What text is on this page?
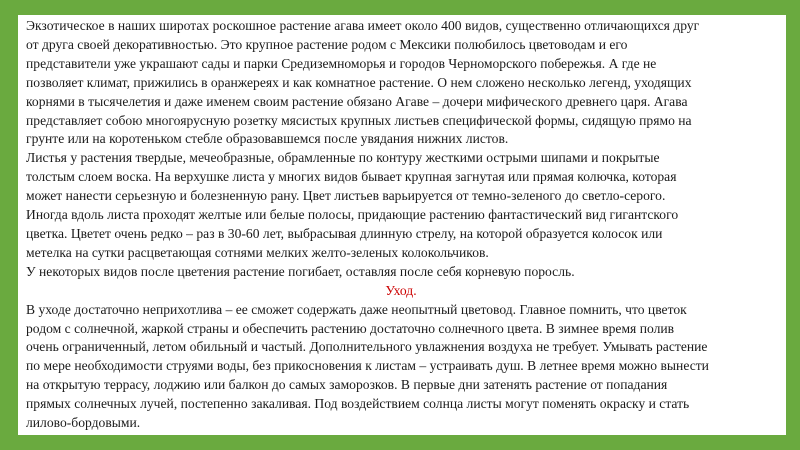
Экзотическое в наших широтах роскошное растение агава имеет около 400 видов, существенно отличающихся друг
от друга своей декоративностью. Это крупное растение родом с Мексики полюбилось цветоводам и его
представители уже украшают сады и парки Средиземноморья и городов Черноморского побережья. А где не
позволяет климат, прижились в оранжереях и как комнатное растение. О нем сложено несколько легенд, уходящих
корнями в тысячелетия и даже именем своим растение обязано Агаве – дочери мифического древнего царя. Агава
представляет собою многоярусную розетку мясистых крупных листьев специфической формы, сидящую прямо на
грунте или на коротеньком стебле образовавшемся после увядания нижних листов.
Листья у растения твердые, мечеобразные, обрамленные по контуру жесткими острыми шипами и покрытые
толстым слоем воска. На верхушке листа у многих видов бывает крупная загнутая или прямая колючка, которая
может нанести серьезную и болезненную рану. Цвет листьев варьируется от темно-зеленого до светло-серого.
Иногда вдоль листа проходят желтые или белые полосы, придающие растению фантастический вид гигантского
цветка. Цветет очень редко – раз в 30-60 лет, выбрасывая длинную стрелу, на которой образуется колосок или
метелка на сутки расцветающая сотнями мелких желто-зеленых колокольчиков.
У некоторых видов после цветения растение погибает, оставляя после себя корневую поросль.
Уход.
В уходе достаточно неприхотлива – ее сможет содержать даже неопытный цветовод. Главное помнить, что цветок
родом с солнечной, жаркой страны и обеспечить растению достаточно солнечного цвета. В зимнее время полив
очень ограниченный, летом обильный и частый. Дополнительного увлажнения воздуха не требует. Умывать растение
по мере необходимости струями воды, без прикосновения к листам – устраивать душ. В летнее время можно вынести
на открытую террасу, лоджию или балкон до самых заморозков. В первые дни затенять растение от попадания
прямых солнечных лучей, постепенно закаливая. Под воздействием солнца листы могут поменять окраску и стать
лилово-бордовыми.
